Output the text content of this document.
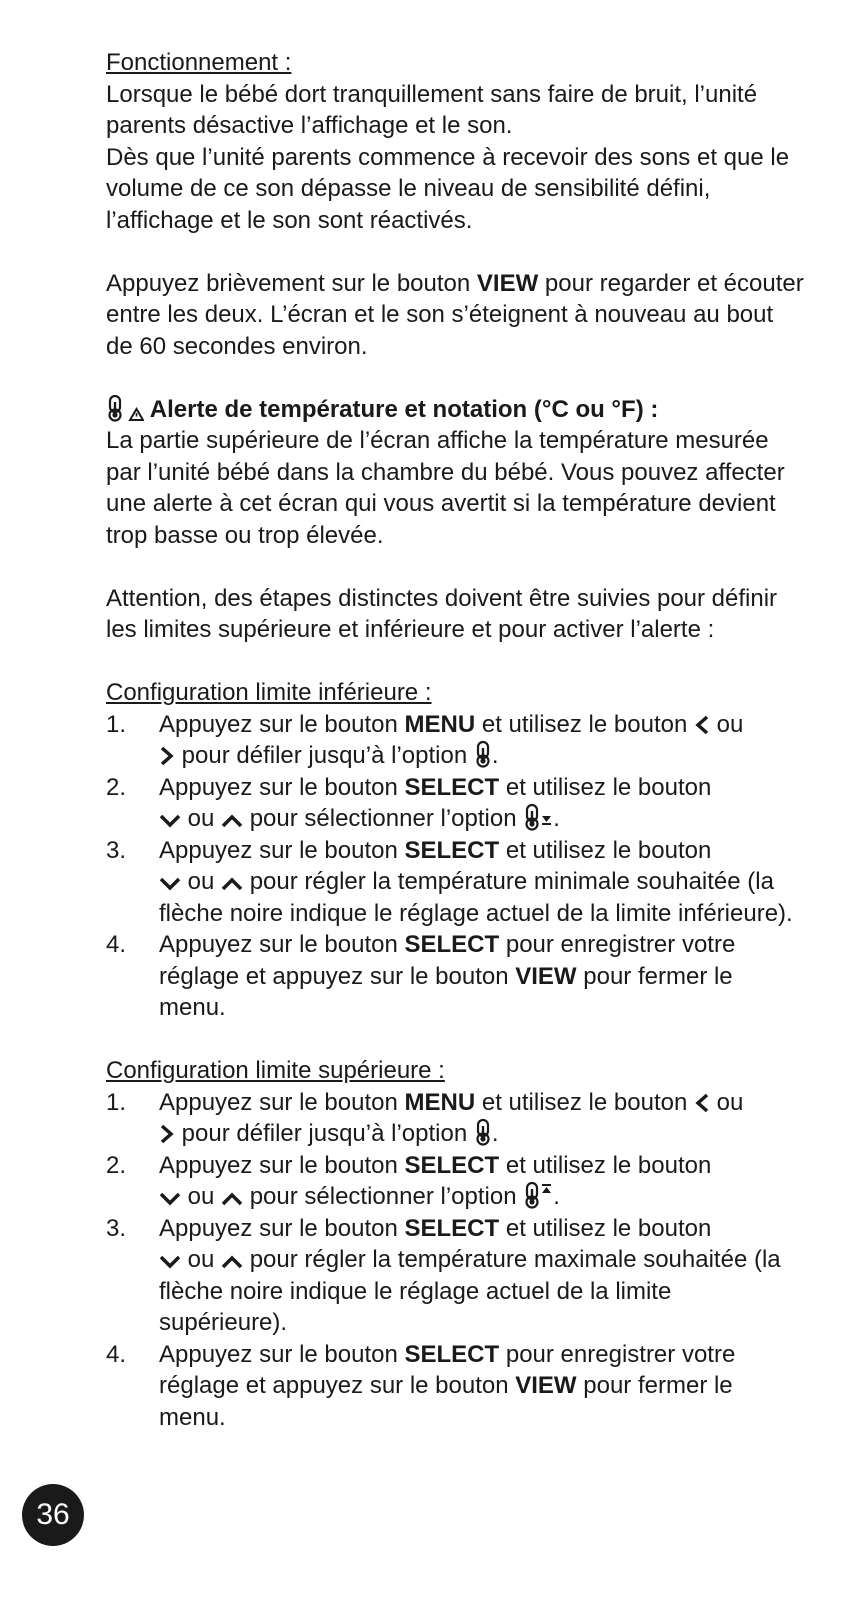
Fonctionnement :
Lorsque le bébé dort tranquillement sans faire de bruit, l’unité parents désactive l’affichage et le son.
Dès que l’unité parents commence à recevoir des sons et que le volume de ce son dépasse le niveau de sensibilité défini, l’affichage et le son sont réactivés.
Appuyez brièvement sur le bouton VIEW pour regarder et écouter entre les deux. L’écran et le son s’éteignent à nouveau au bout de 60 secondes environ.
Alerte de température et notation (°C ou °F) :
La partie supérieure de l’écran affiche la température mesurée par l’unité bébé dans la chambre du bébé. Vous pouvez affecter une alerte à cet écran qui vous avertit si la température devient trop basse ou trop élevée.
Attention, des étapes distinctes doivent être suivies pour définir les limites supérieure et inférieure et pour activer l’alerte :
Configuration limite inférieure :
1. Appuyez sur le bouton MENU et utilisez le bouton  ou
pour défiler jusqu’à l’option .
2. Appuyez sur le bouton SELECT et utilisez le bouton
ou  pour sélectionner l’option .
3. Appuyez sur le bouton SELECT et utilisez le bouton
ou  pour régler la température minimale souhaitée (la flèche noire indique le réglage actuel de la limite inférieure).
4. Appuyez sur le bouton SELECT pour enregistrer votre réglage et appuyez sur le bouton VIEW pour fermer le menu.
Configuration limite supérieure :
1. Appuyez sur le bouton MENU et utilisez le bouton  ou
pour défiler jusqu’à l’option .
2. Appuyez sur le bouton SELECT et utilisez le bouton
ou  pour sélectionner l’option .
3. Appuyez sur le bouton SELECT et utilisez le bouton
ou  pour régler la température maximale souhaitée (la flèche noire indique le réglage actuel de la limite supérieure).
4. Appuyez sur le bouton SELECT pour enregistrer votre réglage et appuyez sur le bouton VIEW pour fermer le menu.
36
